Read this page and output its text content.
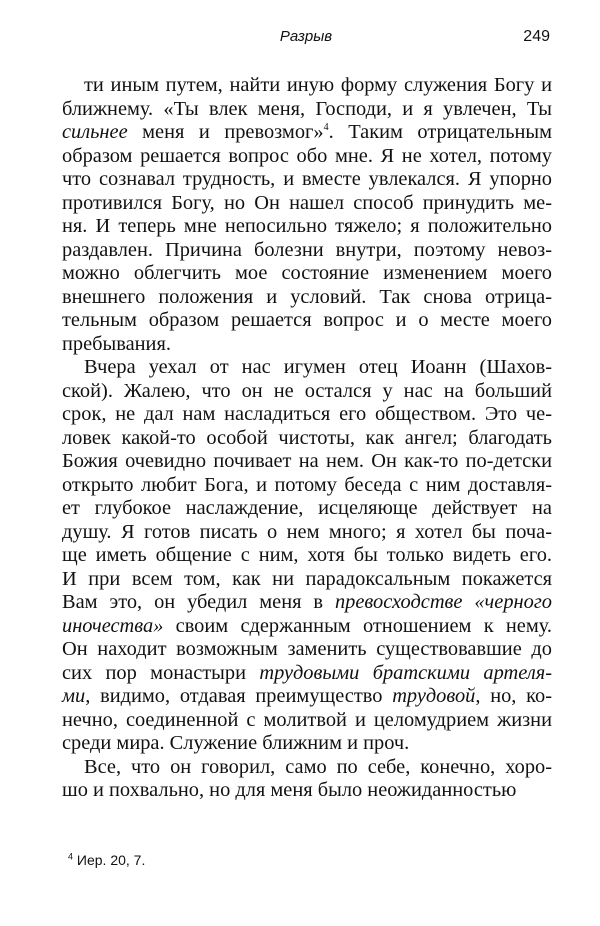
Разрыв	249
ти иным путем, найти иную форму служения Богу и
ближнему. «Ты влек меня, Господи, и я увлечен, Ты
сильнее меня и превозмог»$^4$. Таким отрицательным
образом решается вопрос обо мне. Я не хотел, потому
что сознавал трудность, и вместе увлекался. Я упорно
противился Богу, но Он нашел способ принудить ме-
ня. И теперь мне непосильно тяжело; я положительно
раздавлен. Причина болезни внутри, поэтому невоз-
можно облегчить мое состояние изменением моего
внешнего положения и условий. Так снова отрица-
тельным образом решается вопрос и о месте моего
пребывания.
Вчера уехал от нас игумен отец Иоанн (Шахов-
ской). Жалею, что он не остался у нас на больший
срок, не дал нам насладиться его обществом. Это че-
ловек какой-то особой чистоты, как ангел; благодать
Божия очевидно почивает на нем. Он как-то по-детски
открыто любит Бога, и потому беседа с ним доставля-
ет глубокое наслаждение, исцеляюще действует на
душу. Я готов писать о нем много; я хотел бы поча-
ще иметь общение с ним, хотя бы только видеть его.
И при всем том, как ни парадоксальным покажется
Вам это, он убедил меня в превосходстве «черного
иночества» своим сдержанным отношением к нему.
Он находит возможным заменить существовавшие до
сих пор монастыри трудовыми братскими артеля-
ми, видимо, отдавая преимущество трудовой, но, ко-
нечно, соединенной с молитвой и целомудрием жизни
среди мира. Служение ближним и проч.
Все, что он говорил, само по себе, конечно, хоро-
шо и похвально, но для меня было неожиданностью
$^4$ Иер. 20, 7.
